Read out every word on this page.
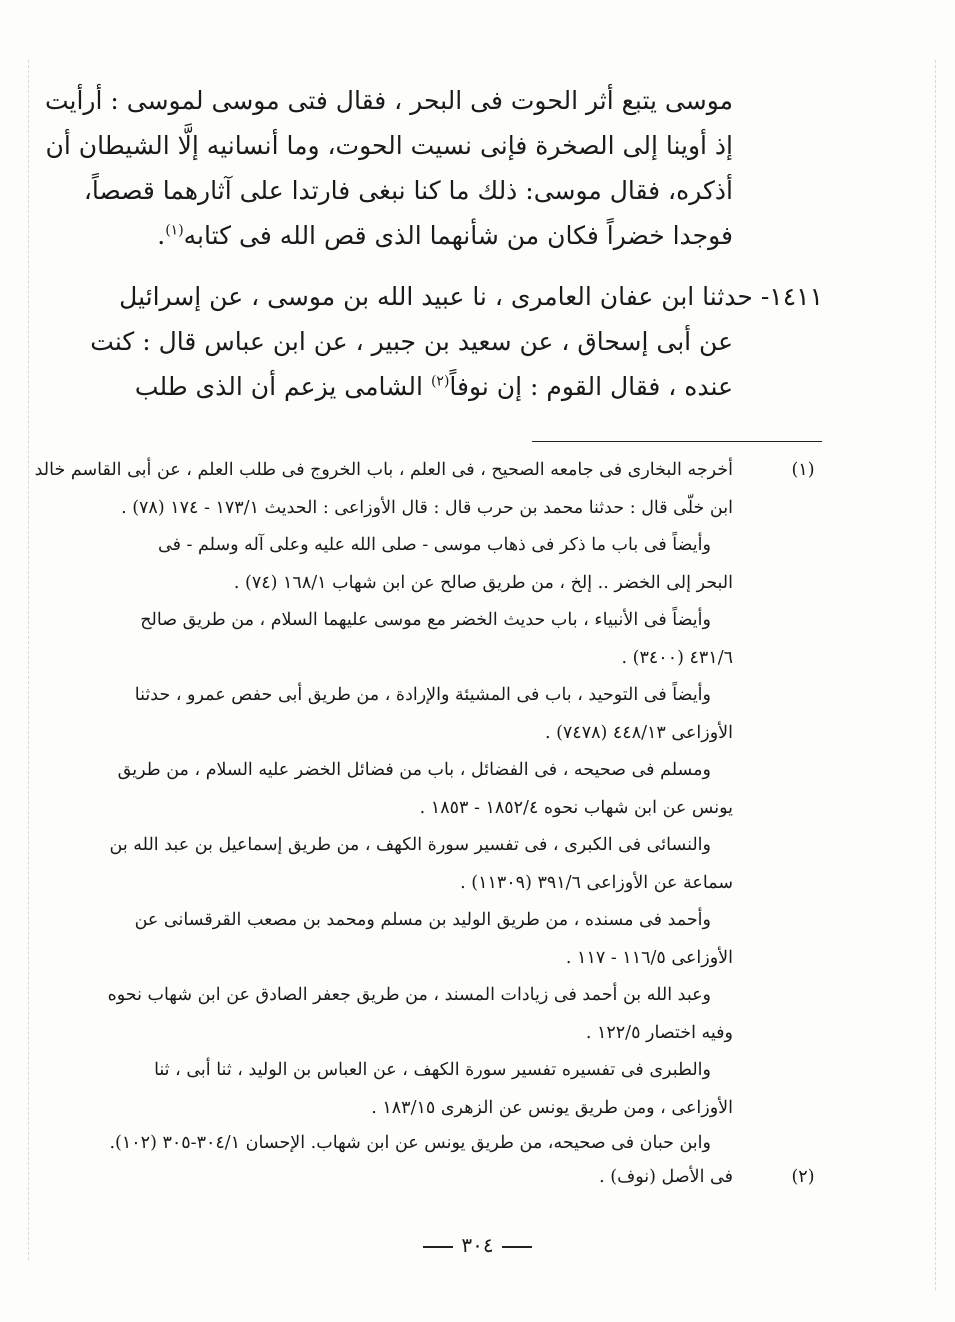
موسى يتبع أثر الحوت فى البحر ، فقال فتى موسى لموسى : أرأيت
إذ أوينا إلى الصخرة فإنى نسيت الحوت، وما أنسانيه إلَّا الشيطان أن
أذكره، فقال موسى: ذلك ما كنا نبغى فارتدا على آثارهما قصصاً،
فوجدا خضراً فكان من شأنهما الذى قص الله فى كتابه$^{(١)}$.
١٤١١- حدثنا ابن عفان العامرى ، نا عبيد الله بن موسى ، عن إسرائيل
عن أبى إسحاق ، عن سعيد بن جبير ، عن ابن عباس قال : كنت
عنده ، فقال القوم : إن نوفاً$^{(٢)}$ الشامى يزعم أن الذى طلب
(١)
أخرجه البخارى فى جامعه الصحيح ، فى العلم ، باب الخروج فى طلب العلم ، عن أبى القاسم خالد
ابن خلّى قال : حدثنا محمد بن حرب قال : قال الأوزاعى : الحديث ١٧٣/١ - ١٧٤ (٧٨) .
وأيضاً فى باب ما ذكر فى ذهاب موسى - صلى الله عليه وعلى آله وسلم - فى
البحر إلى الخضر .. إلخ ، من طريق صالح عن ابن شهاب ١٦٨/١ (٧٤) .
وأيضاً فى الأنبياء ، باب حديث الخضر مع موسى عليهما السلام ، من طريق صالح
٤٣١/٦ (٣٤٠٠) .
وأيضاً فى التوحيد ، باب فى المشيئة والإرادة ، من طريق أبى حفص عمرو ، حدثنا
الأوزاعى ٤٤٨/١٣ (٧٤٧٨) .
ومسلم فى صحيحه ، فى الفضائل ، باب من فضائل الخضر عليه السلام ، من طريق
يونس عن ابن شهاب نحوه ١٨٥٢/٤ - ١٨٥٣ .
والنسائى فى الكبرى ، فى تفسير سورة الكهف ، من طريق إسماعيل بن عبد الله بن
سماعة عن الأوزاعى ٣٩١/٦ (١١٣٠٩) .
وأحمد فى مسنده ، من طريق الوليد بن مسلم ومحمد بن مصعب القرقسانى عن
الأوزاعى ١١٦/٥ - ١١٧ .
وعبد الله بن أحمد فى زيادات المسند ، من طريق جعفر الصادق عن ابن شهاب نحوه
وفيه اختصار ١٢٢/٥ .
والطبرى فى تفسيره تفسير سورة الكهف ، عن العباس بن الوليد ، ثنا أبى ، ثنا
الأوزاعى ، ومن طريق يونس عن الزهرى ١٨٣/١٥ .
وابن حبان فى صحيحه، من طريق يونس عن ابن شهاب. الإحسان ٣٠٤/١-٣٠٥ (١٠٢).
(٢)
فى الأصل (نوف) .
٣٠٤
